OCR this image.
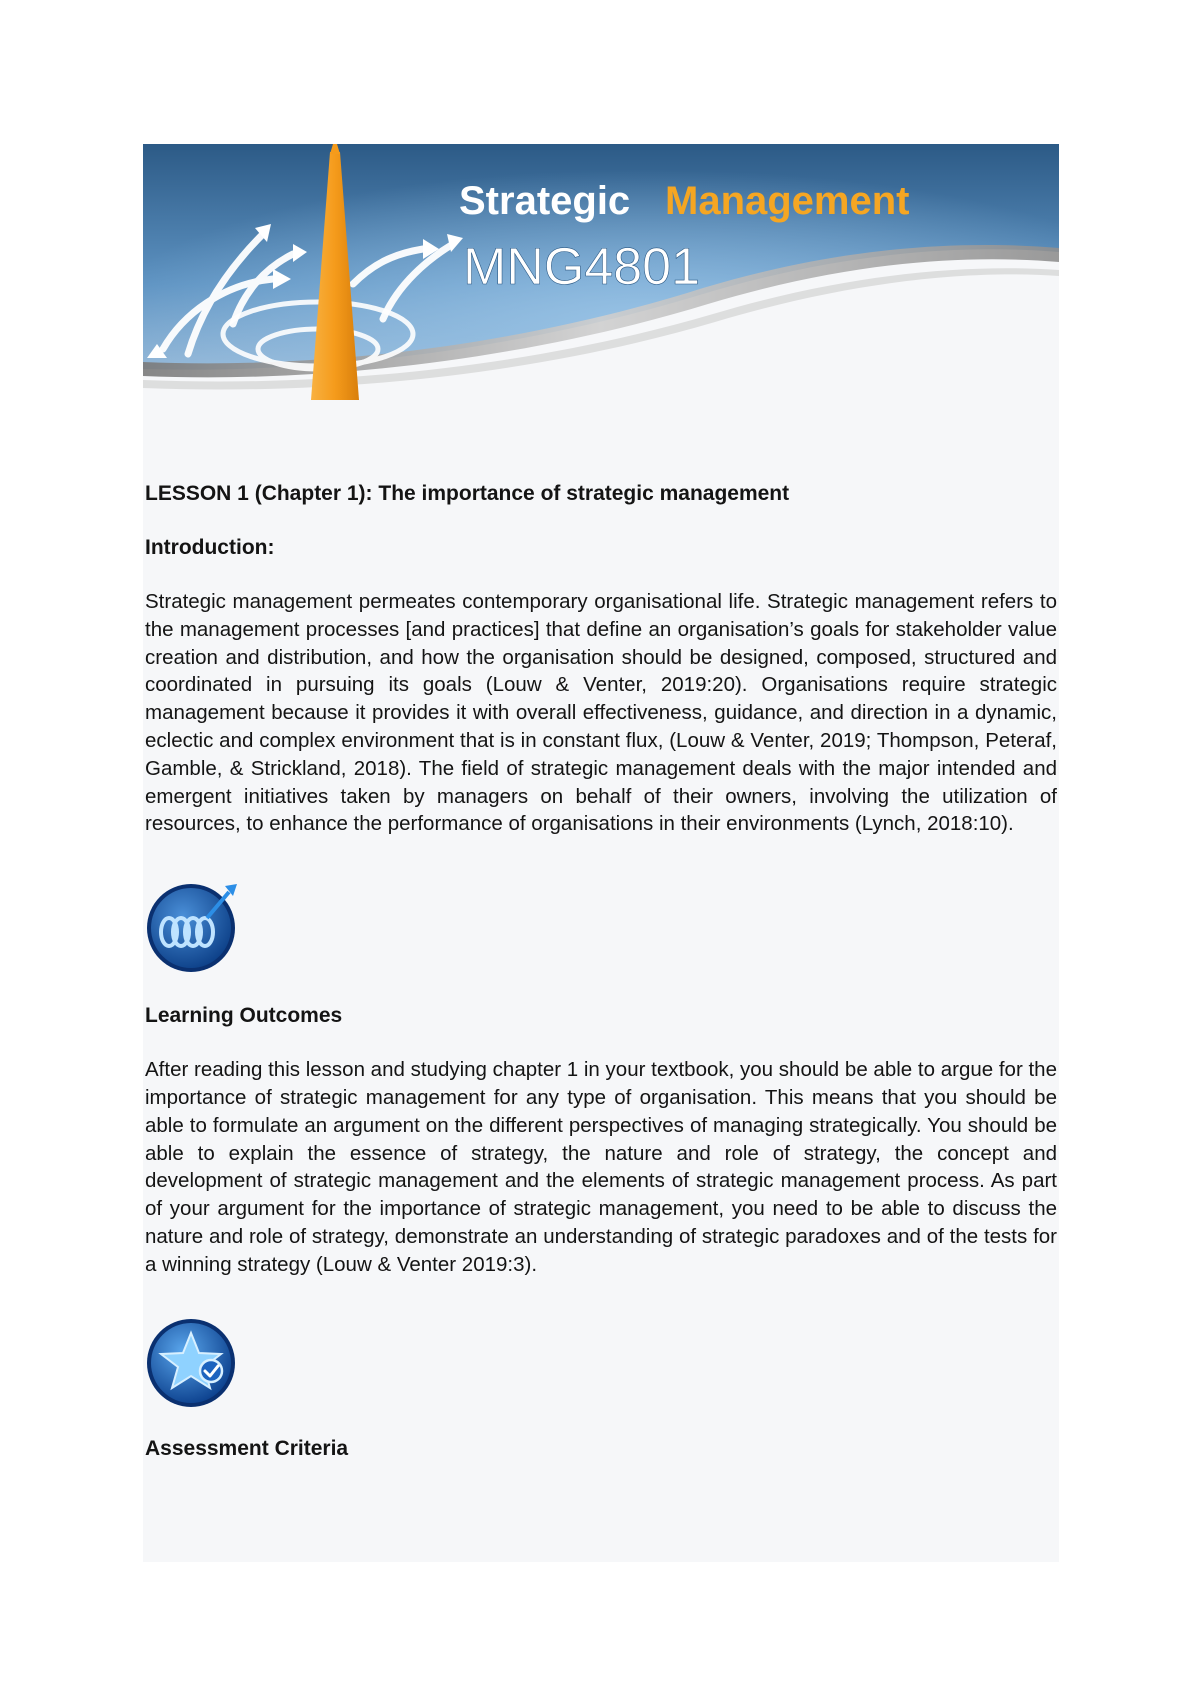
Strategic Management
MNG4801
LESSON 1 (Chapter 1): The importance of strategic management
Introduction:

Strategic management permeates contemporary organisational life. Strategic management refers to the management processes [and practices] that define an organisation’s goals for stakeholder value creation and distribution, and how the organisation should be designed, composed, structured and coordinated in pursuing its goals (Louw & Venter, 2019:20). Organisations require strategic management because it provides it with overall effectiveness, guidance, and direction in a dynamic, eclectic and complex environment that is in constant flux, (Louw & Venter, 2019; Thompson, Peteraf, Gamble, & Strickland, 2018). The field of strategic management deals with the major intended and emergent initiatives taken by managers on behalf of their owners, involving the utilization of resources, to enhance the performance of organisations in their environments (Lynch, 2018:10).

Learning Outcomes

After reading this lesson and studying chapter 1 in your textbook, you should be able to argue for the importance of strategic management for any type of organisation. This means that you should be able to formulate an argument on the different perspectives of managing strategically. You should be able to explain the essence of strategy, the nature and role of strategy, the concept and development of strategic management and the elements of strategic management process. As part of your argument for the importance of strategic management, you need to be able to discuss the nature and role of strategy, demonstrate an understanding of strategic paradoxes and of the tests for a winning strategy (Louw & Venter 2019:3).

Assessment Criteria
